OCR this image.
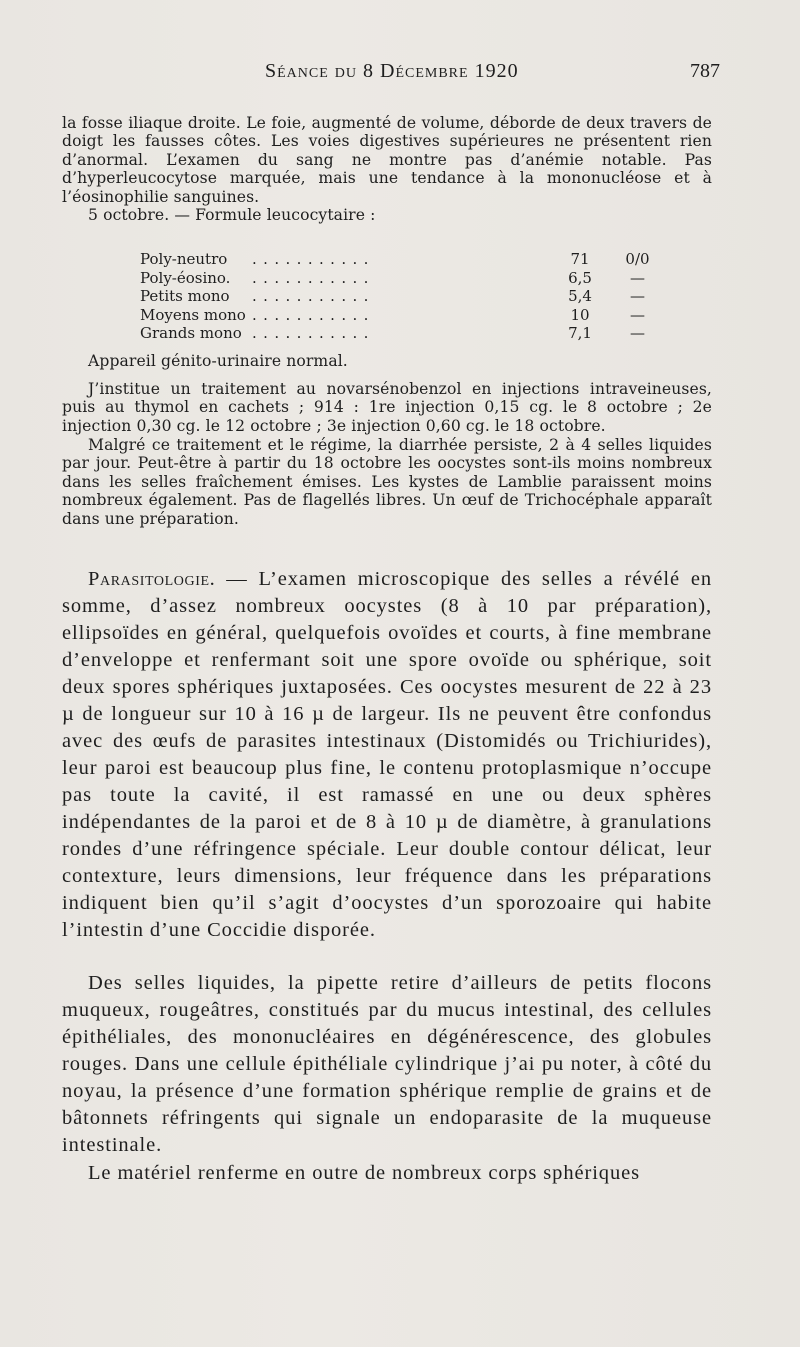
Séance du 8 Décembre 1920	787

la fosse iliaque droite. Le foie, augmenté de volume, déborde de deux travers de doigt les fausses côtes. Les voies digestives supérieures ne présentent rien d’anormal. L’examen du sang ne montre pas d’anémie notable. Pas d’hyperleucocytose marquée, mais une tendance à la mononucléose et à l’éosinophilie sanguines.

5 octobre. — Formule leucocytaire :

Poly-neutro ...........	71	0/0
Poly-éosino. ...........	6,5	—
Petits mono ...........	5,4	—
Moyens mono ...........	10	—
Grands mono ...........	7,1	—

Appareil génito-urinaire normal.

J’institue un traitement au novarsénobenzol en injections intraveineuses, puis au thymol en cachets ; 914 : 1re injection 0,15 cg. le 8 octobre ; 2e injection 0,30 cg. le 12 octobre ; 3e injection 0,60 cg. le 18 octobre.

Malgré ce traitement et le régime, la diarrhée persiste, 2 à 4 selles liquides par jour. Peut-être à partir du 18 octobre les oocystes sont-ils moins nombreux dans les selles fraîchement émises. Les kystes de Lamblie paraissent moins nombreux également. Pas de flagellés libres. Un œuf de Trichocéphale apparaît dans une préparation.

Parasitologie. — L’examen microscopique des selles a révélé en somme, d’assez nombreux oocystes (8 à 10 par préparation), ellipsoïdes en général, quelquefois ovoïdes et courts, à fine membrane d’enveloppe et renfermant soit une spore ovoïde ou sphérique, soit deux spores sphériques juxtaposées. Ces oocystes mesurent de 22 à 23 µ de longueur sur 10 à 16 µ de largeur. Ils ne peuvent être confondus avec des œufs de parasites intestinaux (Distomidés ou Trichiurides), leur paroi est beaucoup plus fine, le contenu protoplasmique n’occupe pas toute la cavité, il est ramassé en une ou deux sphères indépendantes de la paroi et de 8 à 10 µ de diamètre, à granulations rondes d’une réfringence spéciale. Leur double contour délicat, leur contexture, leurs dimensions, leur fréquence dans les préparations indiquent bien qu’il s’agit d’oocystes d’un sporozoaire qui habite l’intestin d’une Coccidie disporée.

Des selles liquides, la pipette retire d’ailleurs de petits flocons muqueux, rougeâtres, constitués par du mucus intestinal, des cellules épithéliales, des mononucléaires en dégénérescence, des globules rouges. Dans une cellule épithéliale cylindrique j’ai pu noter, à côté du noyau, la présence d’une formation sphérique remplie de grains et de bâtonnets réfringents qui signale un endoparasite de la muqueuse intestinale.

Le matériel renferme en outre de nombreux corps sphériques
